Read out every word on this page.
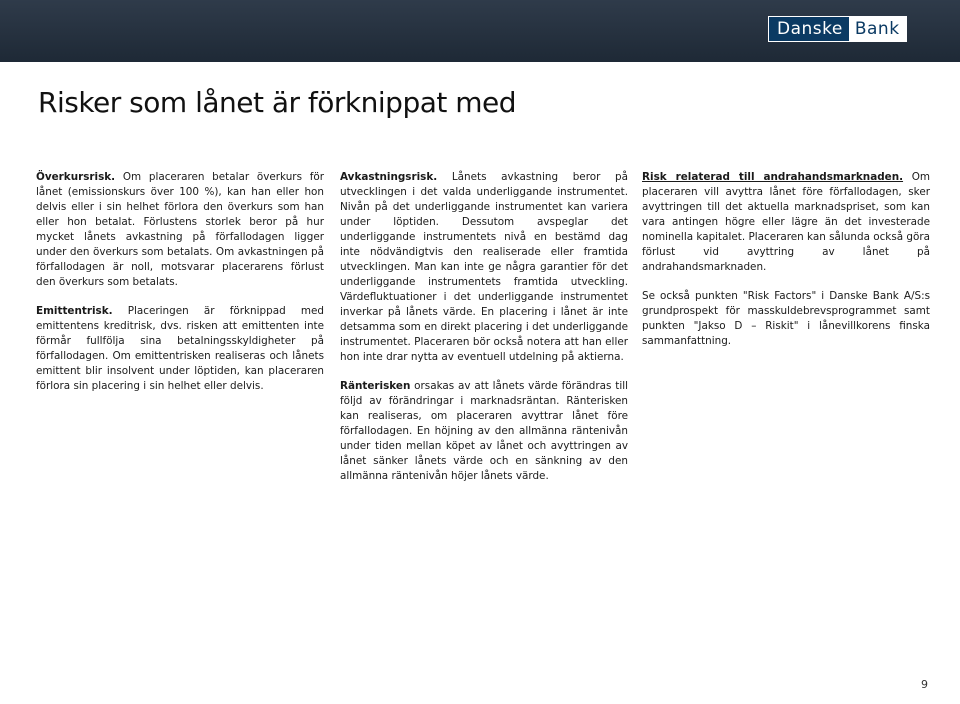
Danske Bank
Risker som lånet är förknippat med

Överkursrisk. Om placeraren betalar överkurs för lånet (emissionskurs över 100 %), kan han eller hon delvis eller i sin helhet förlora den överkurs som han eller hon betalat. Förlustens storlek beror på hur mycket lånets avkastning på förfallodagen ligger under den överkurs som betalats. Om avkastningen på förfallodagen är noll, motsvarar placerarens förlust den överkurs som betalats.

Emittentrisk. Placeringen är förknippad med emittentens kreditrisk, dvs. risken att emittenten inte förmår fullfölja sina betalningsskyldigheter på förfallodagen. Om emittentrisken realiseras och lånets emittent blir insolvent under löptiden, kan placeraren förlora sin placering i sin helhet eller delvis.

Avkastningsrisk. Lånets avkastning beror på utvecklingen i det valda underliggande instrumentet. Nivån på det underliggande instrumentet kan variera under löptiden. Dessutom avspeglar det underliggande instrumentets nivå en bestämd dag inte nödvändigtvis den realiserade eller framtida utvecklingen. Man kan inte ge några garantier för det underliggande instrumentets framtida utveckling. Värdefluktuationer i det underliggande instrumentet inverkar på lånets värde. En placering i lånet är inte detsamma som en direkt placering i det underliggande instrumentet. Placeraren bör också notera att han eller hon inte drar nytta av eventuell utdelning på aktierna.

Ränterisken orsakas av att lånets värde förändras till följd av förändringar i marknadsräntan. Ränterisken kan realiseras, om placeraren avyttrar lånet före förfallodagen. En höjning av den allmänna räntenivån under tiden mellan köpet av lånet och avyttringen av lånet sänker lånets värde och en sänkning av den allmänna räntenivån höjer lånets värde.

Risk relaterad till andrahandsmarknaden. Om placeraren vill avyttra lånet före förfallodagen, sker avyttringen till det aktuella marknadspriset, som kan vara antingen högre eller lägre än det investerade nominella kapitalet. Placeraren kan sålunda också göra förlust vid avyttring av lånet på andrahandsmarknaden.

Se också punkten "Risk Factors" i Danske Bank A/S:s grundprospekt för masskuldebrevsprogrammet samt punkten "Jakso D – Riskit" i lånevillkorens finska sammanfattning.

9
